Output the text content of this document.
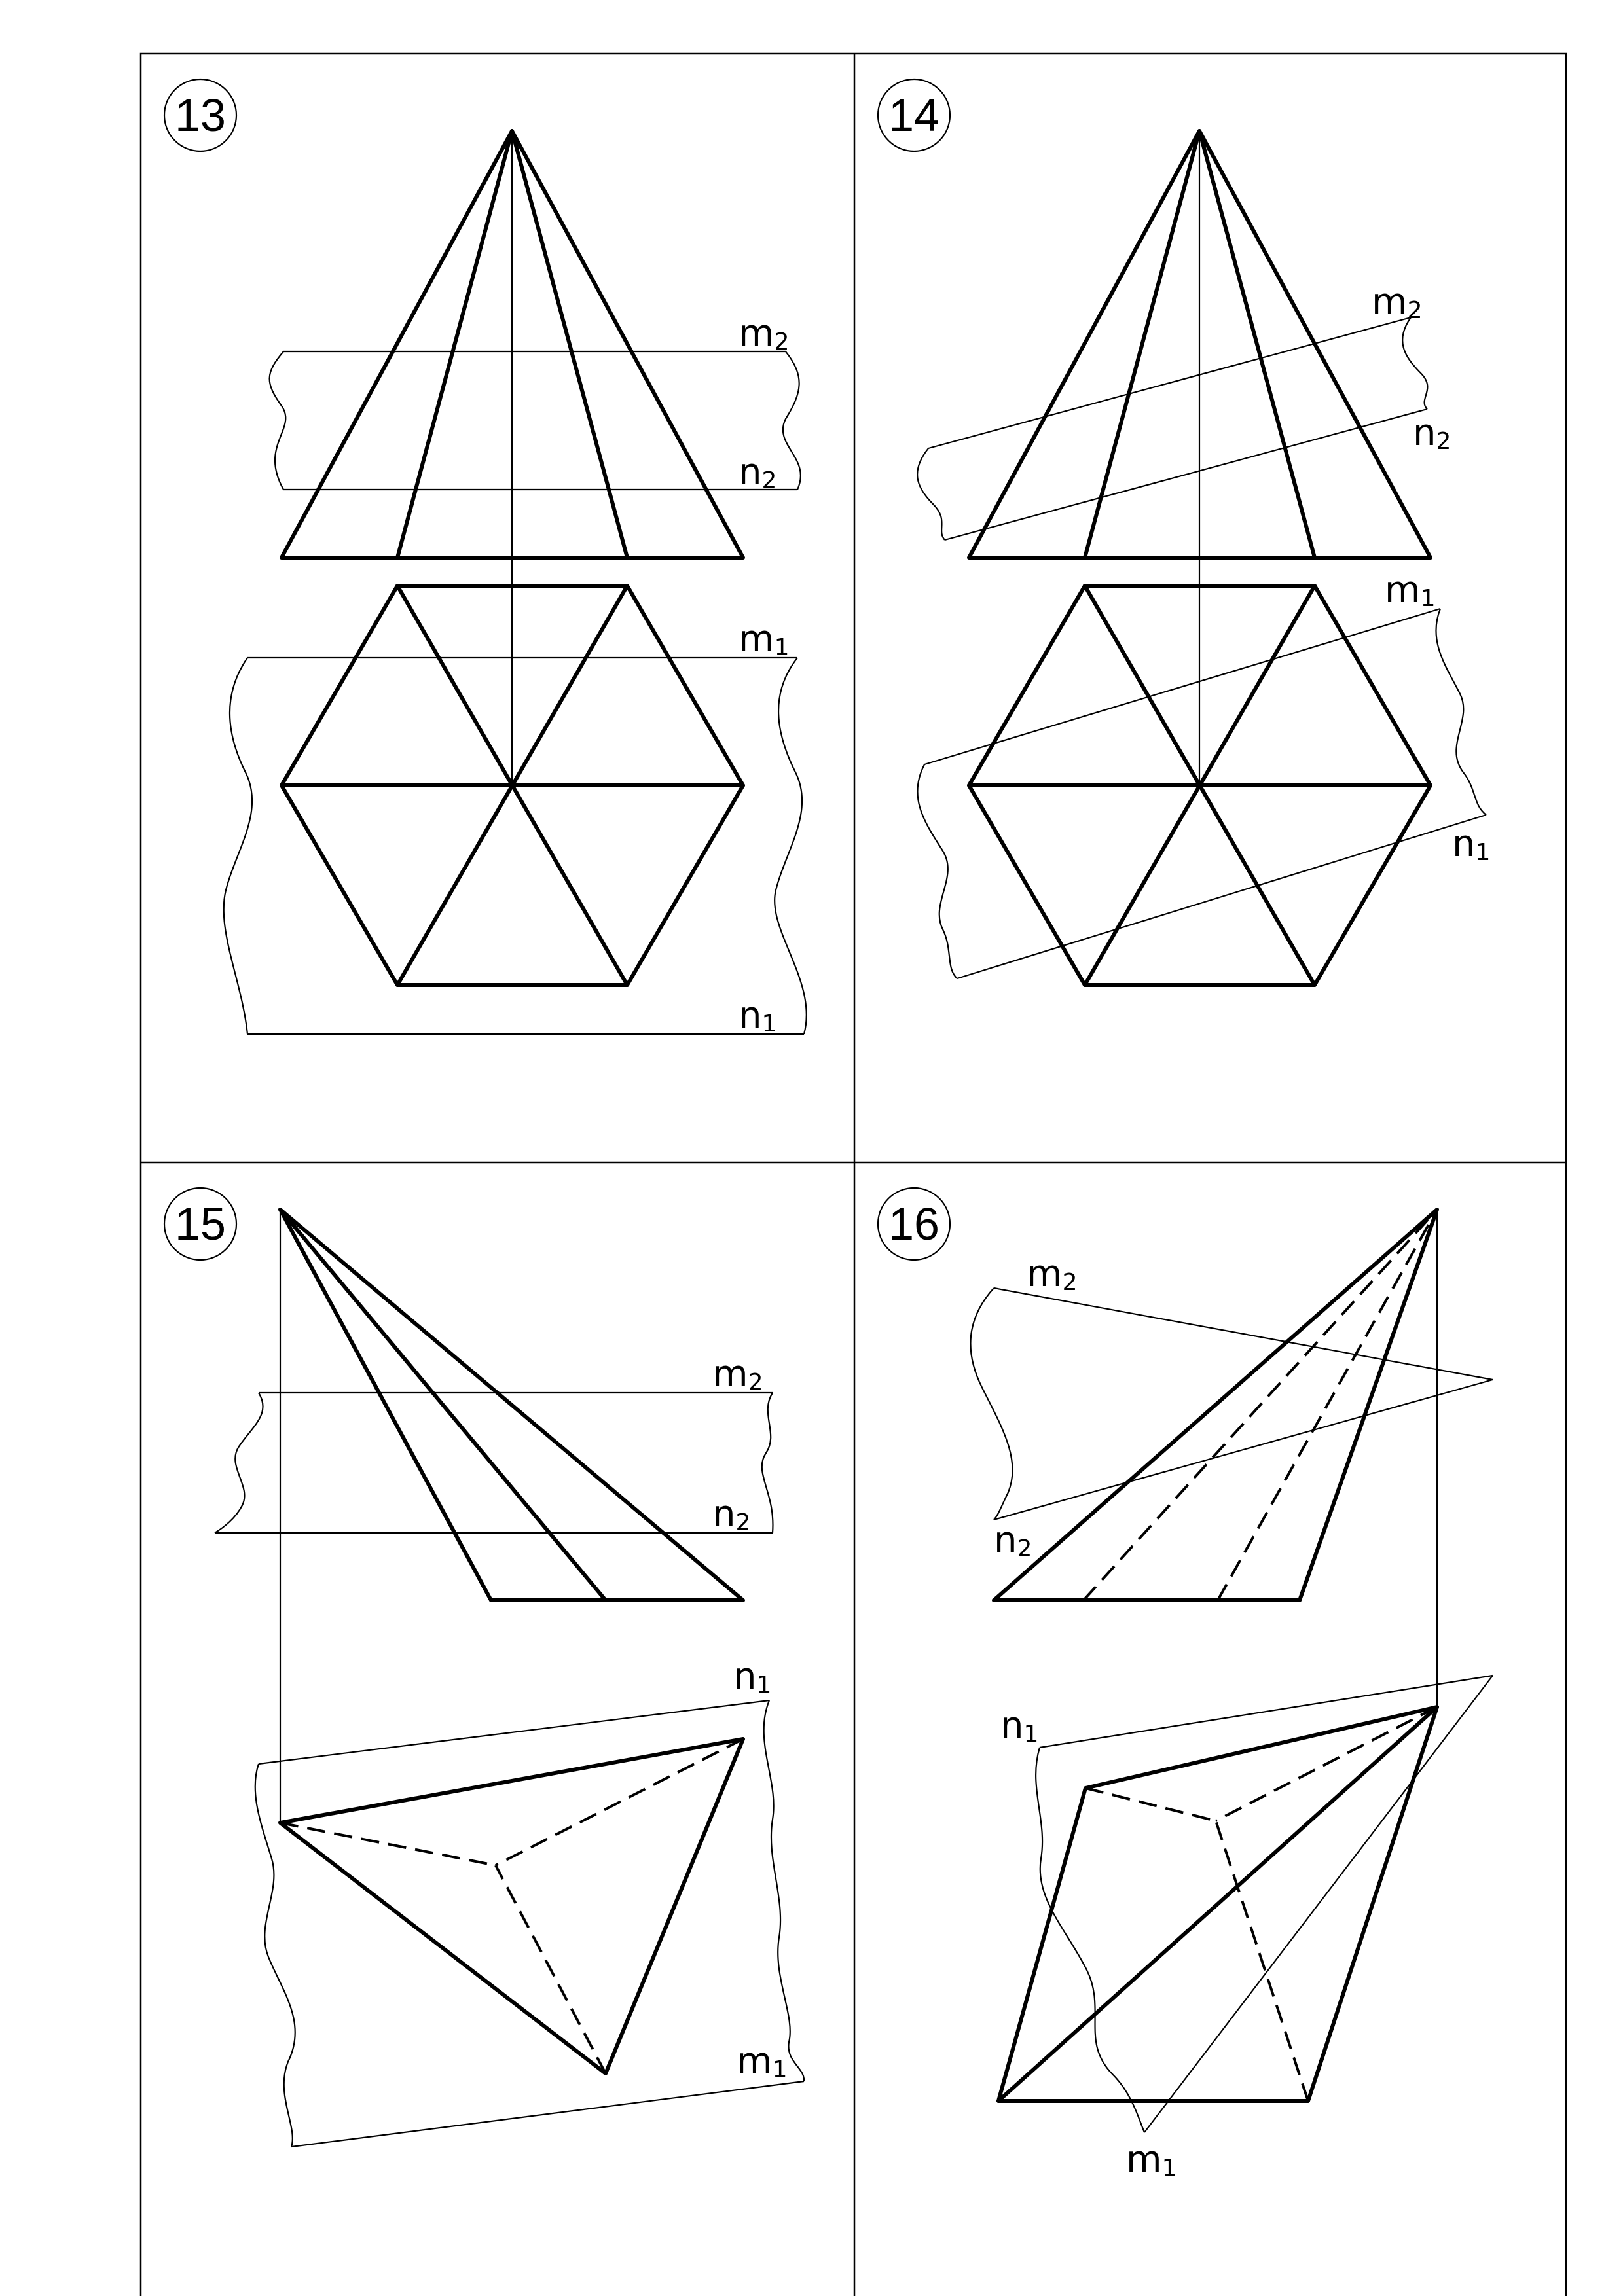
13
m2
n2
m1
n1
14
m2
n2
m1
n1
15
m2
n2
n1
m1
16
m2
n2
n1
m1
